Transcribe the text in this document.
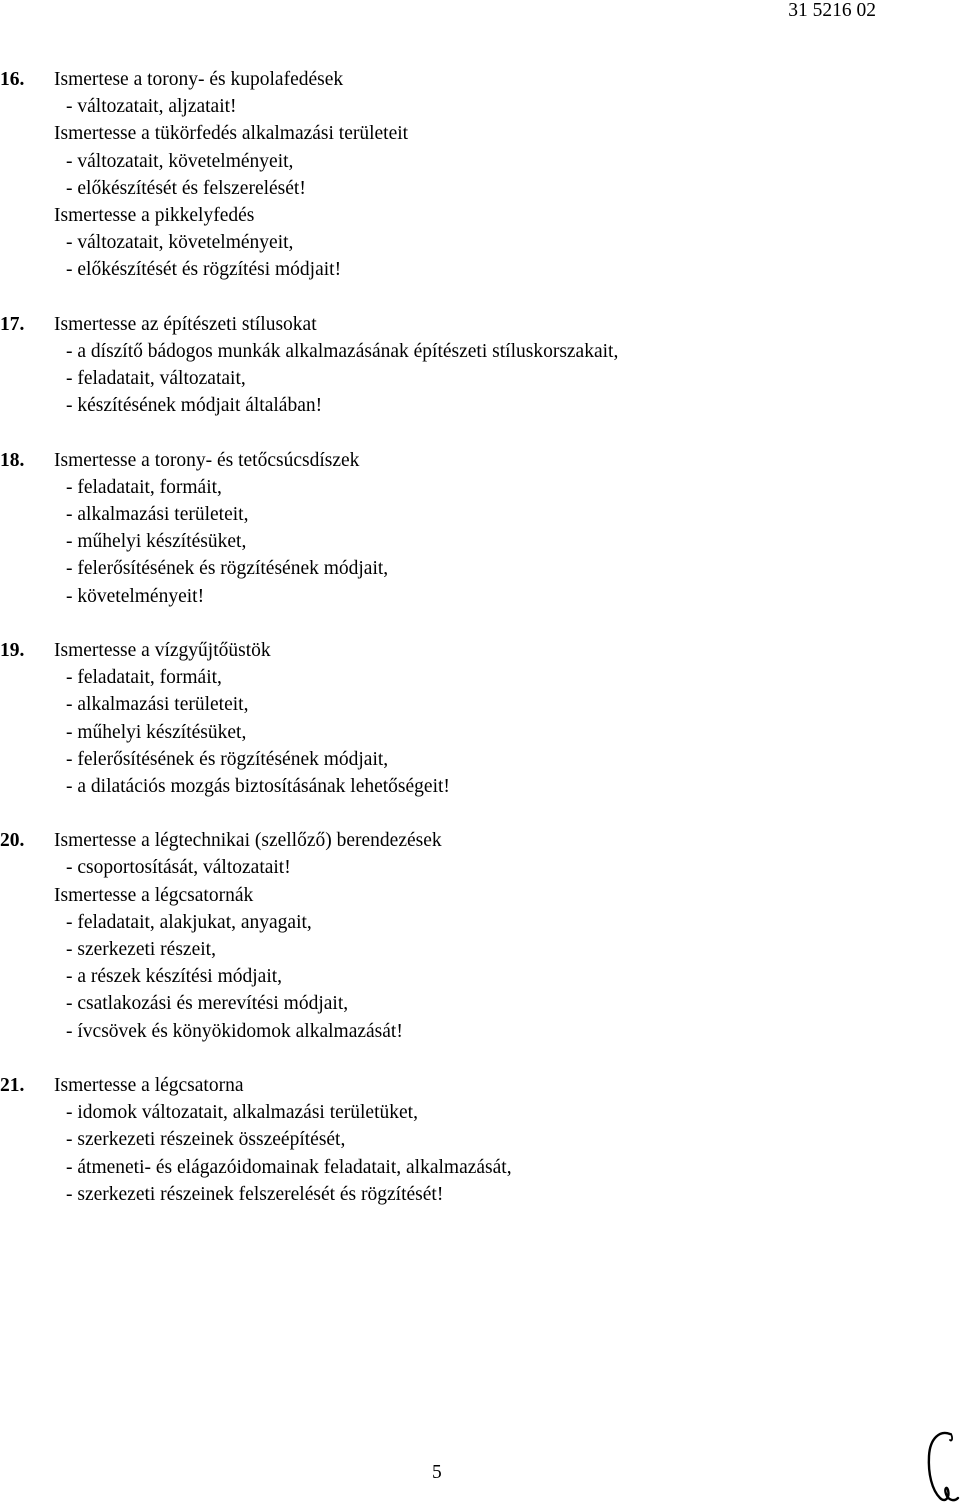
31 5216 02
16. Ismertese a torony- és kupolafedések
- változatait, aljzatait!
Ismertesse a tükörfedés alkalmazási területeit
- változatait, követelményeit,
- előkészítését és felszerelését!
Ismertesse a pikkelyfedés
- változatait, követelményeit,
- előkészítését és rögzítési módjait!
17. Ismertesse az építészeti stílusokat
- a díszítő bádogos munkák alkalmazásának építészeti stíluskorszakait,
- feladatait, változatait,
- készítésének módjait általában!
18. Ismertesse a torony- és tetőcsúcsdíszek
- feladatait, formáit,
- alkalmazási területeit,
- műhelyi készítésüket,
- felerősítésének és rögzítésének módjait,
- követelményeit!
19. Ismertesse a vízgyűjtőüstök
- feladatait, formáit,
- alkalmazási területeit,
- műhelyi készítésüket,
- felerősítésének és rögzítésének módjait,
- a dilatációs mozgás biztosításának lehetőségeit!
20. Ismertesse a légtechnikai (szellőző) berendezések
- csoportosítását, változatait!
Ismertesse a légcsatornák
- feladatait, alakjukat, anyagait,
- szerkezeti részeit,
- a részek készítési módjait,
- csatlakozási és merevítési módjait,
- ívcsövek és könyökidomok alkalmazását!
21. Ismertesse a légcsatorna
- idomok változatait, alkalmazási területüket,
- szerkezeti részeinek összeépítését,
- átmeneti- és elágazóidomainak feladatait, alkalmazását,
- szerkezeti részeinek felszerelését és rögzítését!
5
